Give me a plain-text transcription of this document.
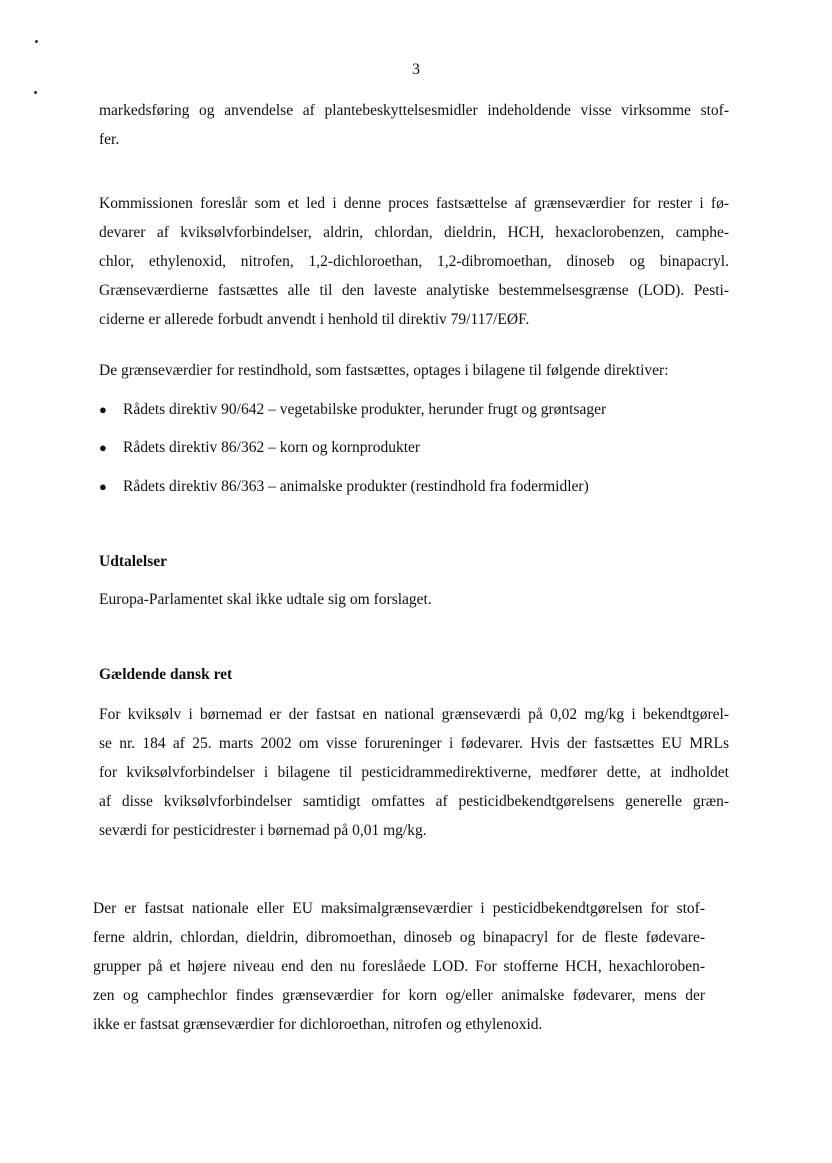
3
markedsføring og anvendelse af plantebeskyttelsesmidler indeholdende visse virksomme stof-
fer.
Kommissionen foreslår som et led i denne proces fastsættelse af grænseværdier for rester i fø-
devarer af kviksølvforbindelser, aldrin, chlordan, dieldrin, HCH, hexaclorobenzen, camphe-
chlor, ethylenoxid, nitrofen, 1,2-dichloroethan, 1,2-dibromoethan, dinoseb og binapacryl.
Grænseværdierne fastsættes alle til den laveste analytiske bestemmelsesgrænse (LOD). Pesti-
ciderne er allerede forbudt anvendt i henhold til direktiv 79/117/EØF.
De grænseværdier for restindhold, som fastsættes, optages i bilagene til følgende direktiver:
● Rådets direktiv 90/642 – vegetabilske produkter, herunder frugt og grøntsager
● Rådets direktiv 86/362 – korn og kornprodukter
● Rådets direktiv 86/363 – animalske produkter (restindhold fra fodermidler)
Udtalelser
Europa-Parlamentet skal ikke udtale sig om forslaget.
Gældende dansk ret
For kviksølv i børnemad er der fastsat en national grænseværdi på 0,02 mg/kg i bekendtgørel-
se nr. 184 af 25. marts 2002 om visse forureninger i fødevarer. Hvis der fastsættes EU MRLs
for kviksølvforbindelser i bilagene til pesticidrammedirektiverne, medfører dette, at indholdet
af disse kviksølvforbindelser samtidigt omfattes af pesticidbekendtgørelsens generelle græn-
seværdi for pesticidrester i børnemad på 0,01 mg/kg.
Der er fastsat nationale eller EU maksimalgrænseværdier i pesticidbekendtgørelsen for stof-
ferne aldrin, chlordan, dieldrin, dibromoethan, dinoseb og binapacryl for de fleste fødevare-
grupper på et højere niveau end den nu foreslåede LOD. For stofferne HCH, hexachloroben-
zen og camphechlor findes grænseværdier for korn og/eller animalske fødevarer, mens der
ikke er fastsat grænseværdier for dichloroethan, nitrofen og ethylenoxid.
